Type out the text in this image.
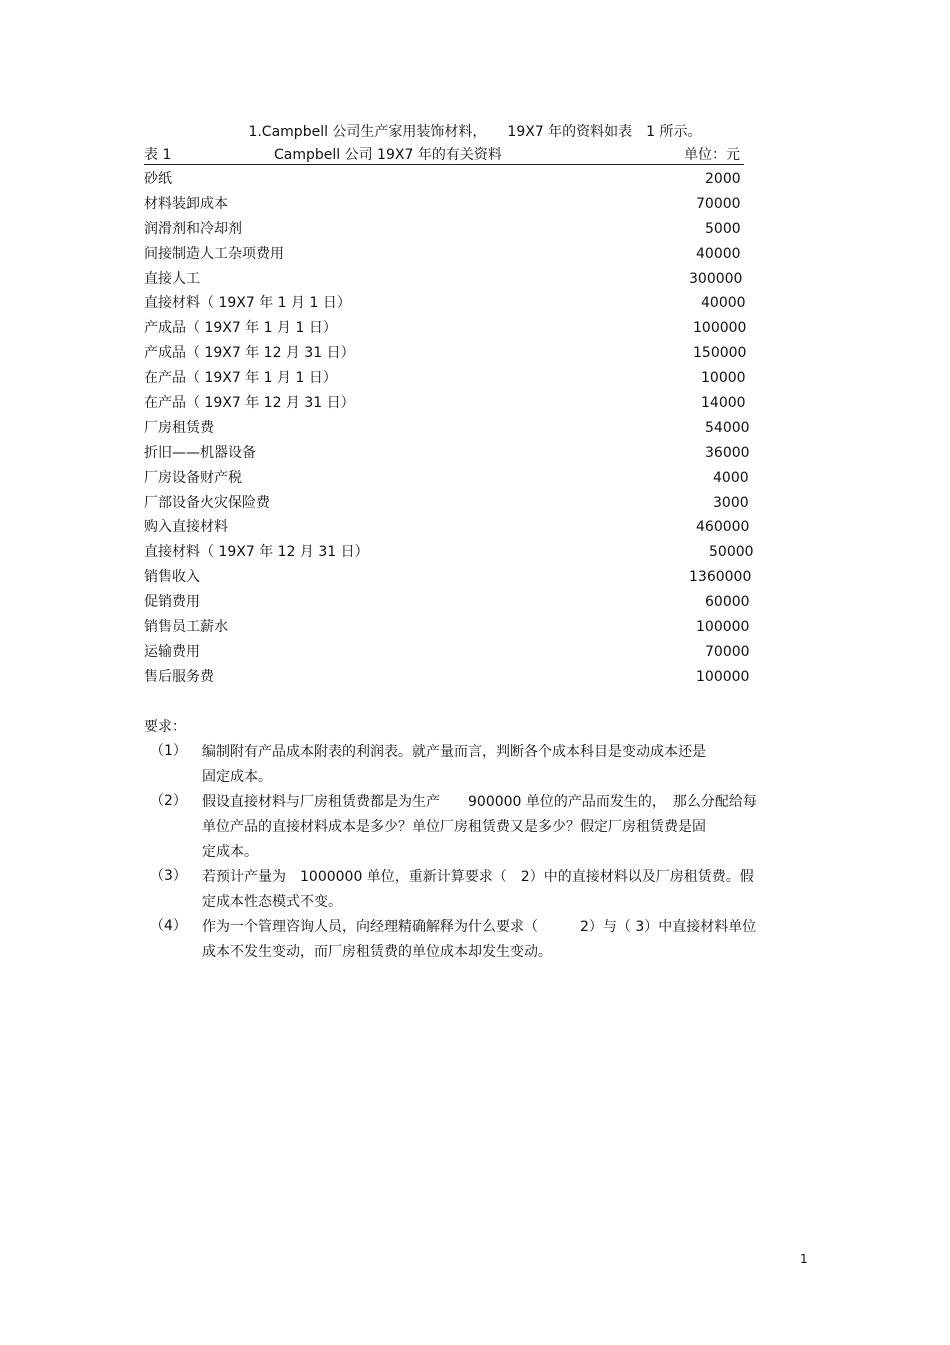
1.Campbell 公司生产家用装饰材料，　　19X7 年的资料如表　1 所示。
表 1	Campbell 公司 19X7 年的有关资料	单位：元
砂纸	2000
材料装卸成本	70000
润滑剂和冷却剂	5000
间接制造人工杂项费用	40000
直接人工	300000
直接材料（ 19X7 年 1 月 1 日）	40000
产成品（ 19X7 年 1 月 1 日）	100000
产成品（ 19X7 年 12 月 31 日）	150000
在产品（ 19X7 年 1 月 1 日）	10000
在产品（ 19X7 年 12 月 31 日）	14000
厂房租赁费	54000
折旧——机器设备	36000
厂房设备财产税	4000
厂部设备火灾保险费	3000
购入直接材料	460000
直接材料（ 19X7 年 12 月 31 日）	50000
销售收入	1360000
促销费用	60000
销售员工薪水	100000
运输费用	70000
售后服务费	100000
要求：
（1） 编制附有产品成本附表的利润表。就产量而言，判断各个成本科目是变动成本还是
固定成本。
（2） 假设直接材料与厂房租赁费都是为生产　　900000 单位的产品而发生的，　那么分配给每
单位产品的直接材料成本是多少？单位厂房租赁费又是多少？假定厂房租赁费是固
定成本。
（3） 若预计产量为　1000000 单位，重新计算要求（　2）中的直接材料以及厂房租赁费。假
定成本性态模式不变。
（4） 作为一个管理咨询人员，向经理精确解释为什么要求（　　　2）与（ 3）中直接材料单位
成本不发生变动，而厂房租赁费的单位成本却发生变动。
1
